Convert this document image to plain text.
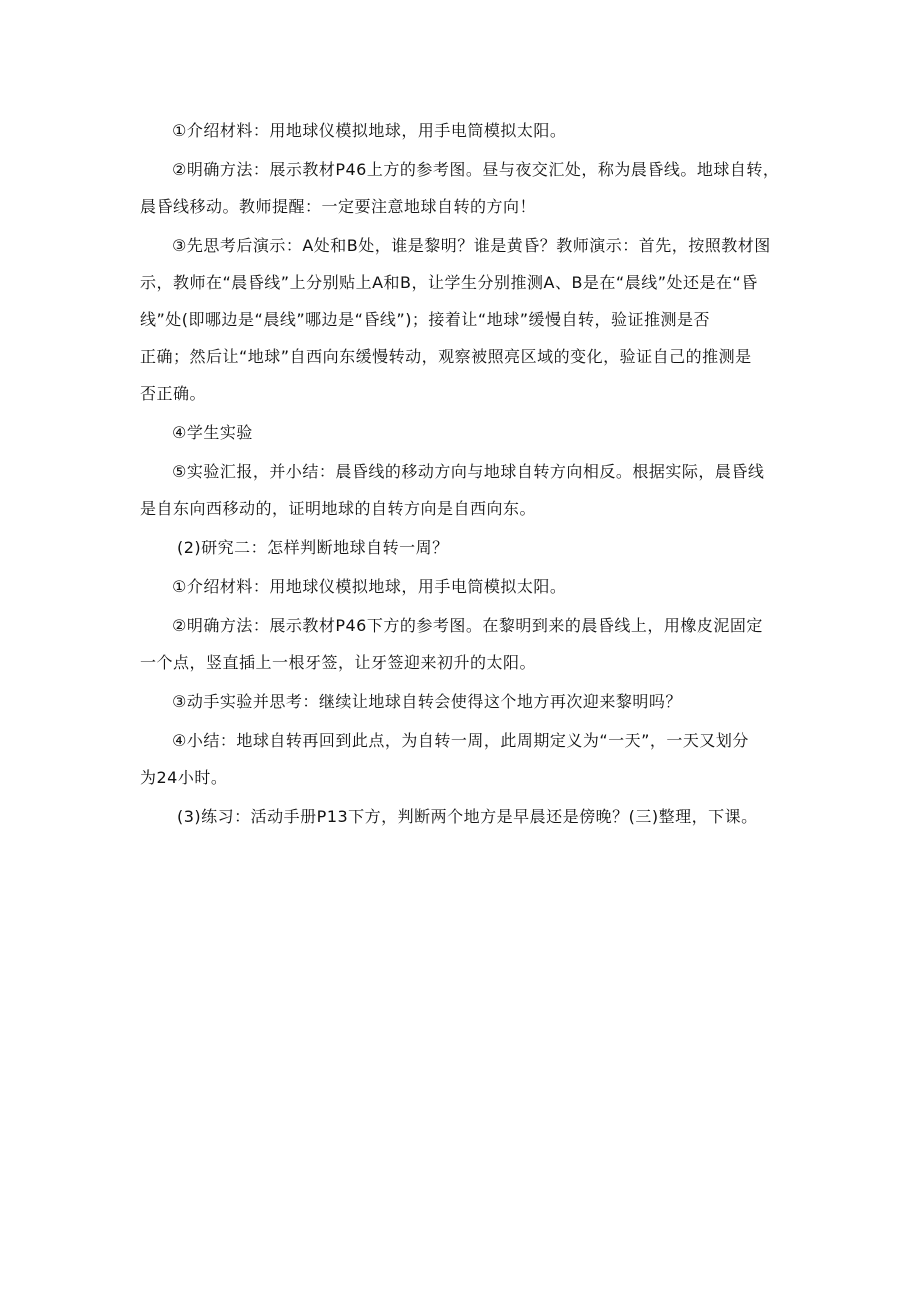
①介绍材料：用地球仪模拟地球，用手电筒模拟太阳。
②明确方法：展示教材P46上方的参考图。昼与夜交汇处，称为晨昏线。地球自转，
晨昏线移动。教师提醒：一定要注意地球自转的方向！
③先思考后演示：A处和B处，谁是黎明？谁是黄昏？教师演示：首先，按照教材图
示，教师在“晨昏线”上分别贴上A和B，让学生分别推测A、B是在“晨线”处还是在“昏
线”处(即哪边是“晨线”哪边是“昏线”)；接着让“地球”缓慢自转，验证推测是否
正确；然后让“地球”自西向东缓慢转动，观察被照亮区域的变化，验证自己的推测是
否正确。
④学生实验
⑤实验汇报，并小结：晨昏线的移动方向与地球自转方向相反。根据实际，晨昏线
是自东向西移动的，证明地球的自转方向是自西向东。
(2)研究二：怎样判断地球自转一周？
①介绍材料：用地球仪模拟地球，用手电筒模拟太阳。
②明确方法：展示教材P46下方的参考图。在黎明到来的晨昏线上，用橡皮泥固定
一个点，竖直插上一根牙签，让牙签迎来初升的太阳。
③动手实验并思考：继续让地球自转会使得这个地方再次迎来黎明吗？
④小结：地球自转再回到此点，为自转一周，此周期定义为“一天”，一天又划分
为24小时。
(3)练习：活动手册P13下方，判断两个地方是早晨还是傍晚？(三)整理，下课。
